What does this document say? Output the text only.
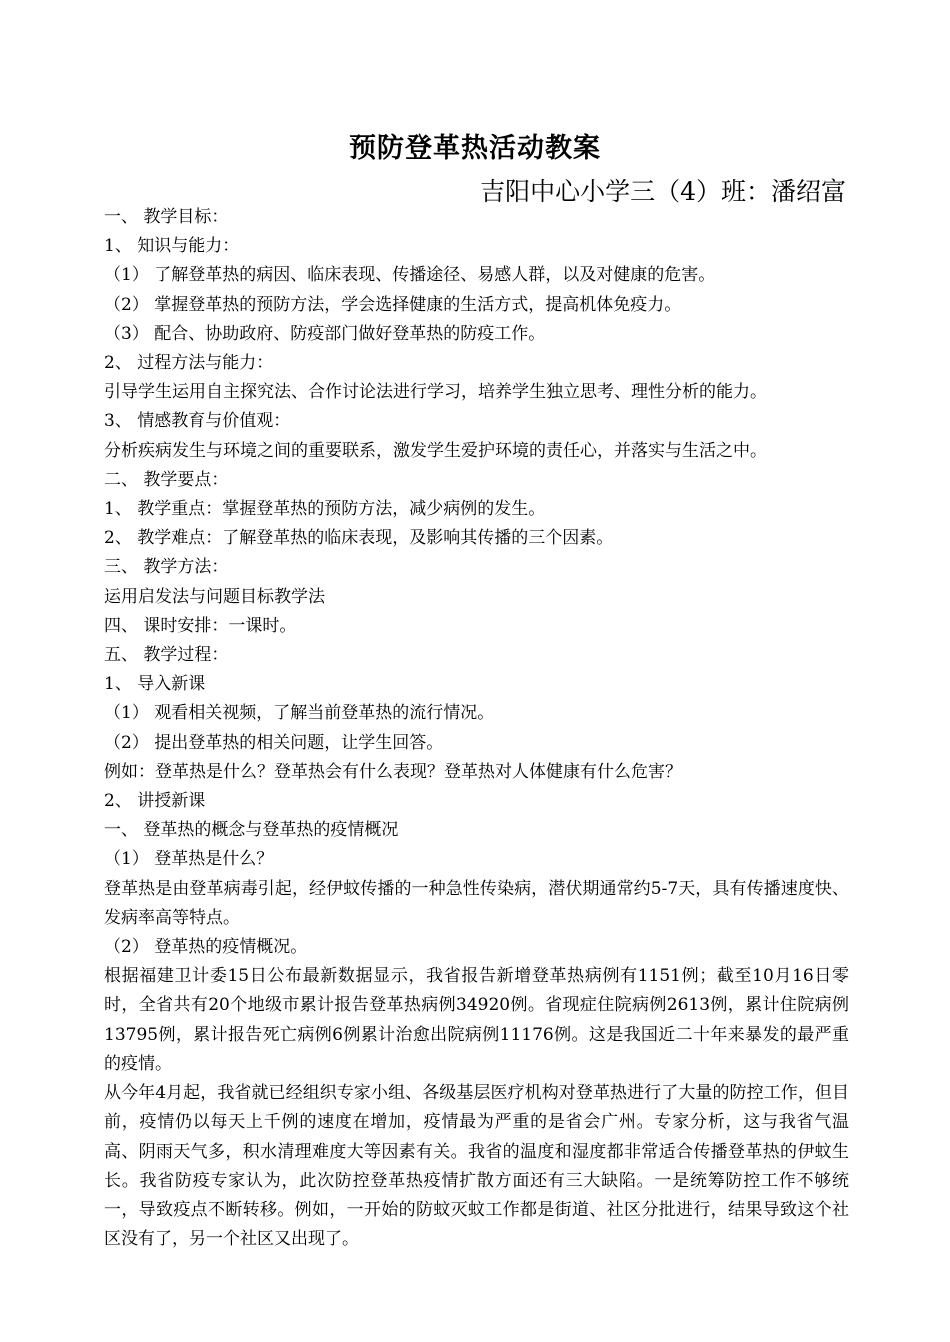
预防登革热活动教案
吉阳中心小学三（4）班：潘绍富
一、 教学目标：
1、 知识与能力：
（1） 了解登革热的病因、临床表现、传播途径、易感人群，以及对健康的危害。
（2） 掌握登革热的预防方法，学会选择健康的生活方式，提高机体免疫力。
（3） 配合、协助政府、防疫部门做好登革热的防疫工作。
2、 过程方法与能力：
引导学生运用自主探究法、合作讨论法进行学习，培养学生独立思考、理性分析的能力。
3、 情感教育与价值观：
分析疾病发生与环境之间的重要联系，激发学生爱护环境的责任心，并落实与生活之中。
二、 教学要点：
1、 教学重点：掌握登革热的预防方法，减少病例的发生。
2、 教学难点：了解登革热的临床表现，及影响其传播的三个因素。
三、 教学方法：
运用启发法与问题目标教学法
四、 课时安排：一课时。
五、 教学过程：
1、 导入新课
（1） 观看相关视频，了解当前登革热的流行情况。
（2） 提出登革热的相关问题，让学生回答。
例如：登革热是什么？登革热会有什么表现？登革热对人体健康有什么危害？
2、 讲授新课
一、 登革热的概念与登革热的疫情概况
（1） 登革热是什么？
登革热是由登革病毒引起，经伊蚊传播的一种急性传染病，潜伏期通常约5-7天，具有传播速度快、发病率高等特点。
（2） 登革热的疫情概况。
根据福建卫计委15日公布最新数据显示，我省报告新增登革热病例有1151例；截至10月16日零时，全省共有20个地级市累计报告登革热病例34920例。省现症住院病例2613例，累计住院病例13795例，累计报告死亡病例6例累计治愈出院病例11176例。这是我国近二十年来暴发的最严重的疫情。
从今年4月起，我省就已经组织专家小组、各级基层医疗机构对登革热进行了大量的防控工作，但目前，疫情仍以每天上千例的速度在增加，疫情最为严重的是省会广州。专家分析，这与我省气温高、阴雨天气多，积水清理难度大等因素有关。我省的温度和湿度都非常适合传播登革热的伊蚊生长。我省防疫专家认为，此次防控登革热疫情扩散方面还有三大缺陷。一是统筹防控工作不够统一，导致疫点不断转移。例如，一开始的防蚊灭蚊工作都是街道、社区分批进行，结果导致这个社区没有了，另一个社区又出现了。
